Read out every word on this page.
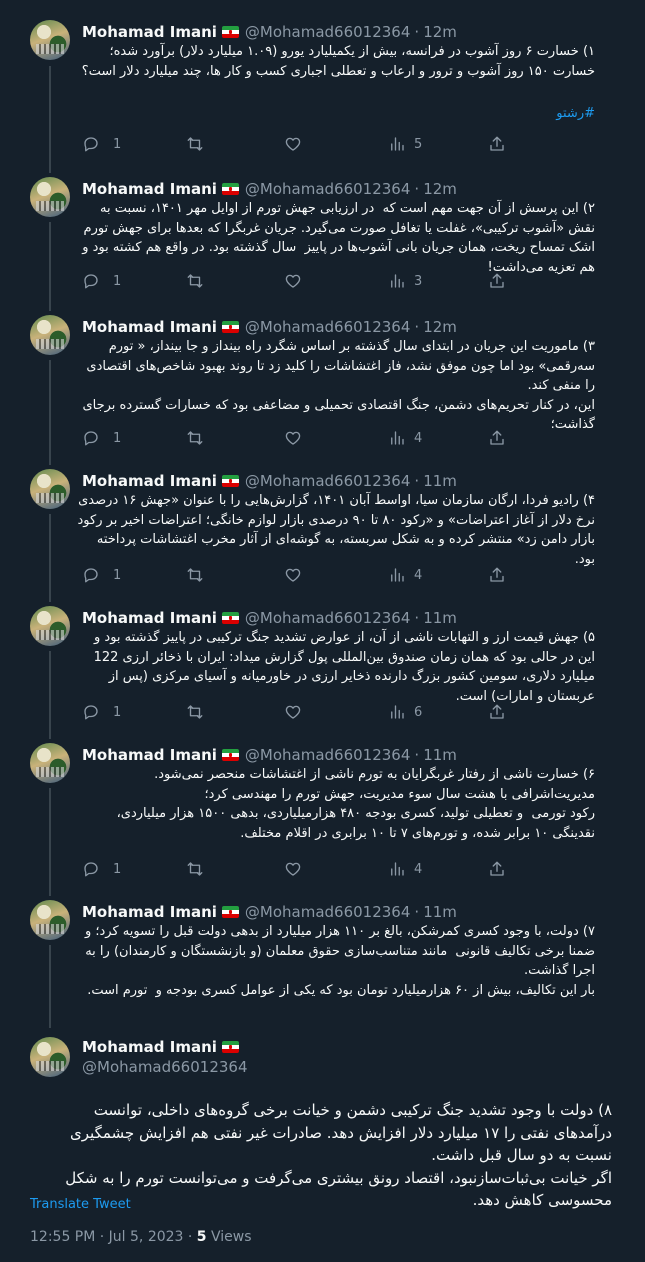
Mohamad Imani @Mohamad66012364 · 12m
۱) خسارت ۶ روز آشوب در فرانسه، بیش از یکمیلیارد یورو (۱.۰۹ میلیارد دلار) برآورد شده؛
خسارت ۱۵۰ روز آشوب و ترور و ارعاب و تعطلی اجباری کسب و کار ها، چند میلیارد دلار است؟
#رشتو
1	5
Mohamad Imani @Mohamad66012364 · 12m
۲) این پرسش از آن جهت مهم است که  در ارزیابی جهش تورم از اوایل مهر ۱۴۰۱، نسبت به نقش «آشوب ترکیبی»، غفلت یا تغافل صورت می‌گیرد. جریان غربگرا که بعدها برای جهش تورم اشک تمساح ریخت، همان جریان بانی آشوب‌ها در پاییز  سال گذشته بود. در واقع هم کشته بود و هم تعزیه می‌داشت!
1	3
Mohamad Imani @Mohamad66012364 · 12m
۳) ماموریت این جریان در ابتدای سال گذشته بر اساس شگرد راه بینداز و جا بینداز، « تورم سه‌رقمی» بود اما چون موفق نشد، فاز اغتشاشات را کلید زد تا روند بهبود شاخص‌های اقتصادی را منفی کند.
این، در کنار تحریم‌های دشمن، جنگ اقتصادی تحمیلی و مضاعفی بود که خسارات گسترده برجای گذاشت؛
1	4
Mohamad Imani @Mohamad66012364 · 11m
۴) رادیو فردا، ارگان سازمان سیا، اواسط آبان ۱۴۰۱، گزارش‌هایی را با عنوان «جهش ۱۶ درصدی نرخ دلار از آغاز اعتراضات» و «رکود ۸۰ تا ۹۰ درصدی بازار لوازم خانگی؛ اعتراضات اخیر بر رکود بازار دامن زد» منتشر کرده و به شکل سربسته، به گوشه‌ای از آثار مخرب اغتشاشات پرداخته بود.
1	4
Mohamad Imani @Mohamad66012364 · 11m
۵) جهش قیمت ارز و التهابات ناشی از آن، از عوارض تشدید جنگ ترکیبی در پاییز گذشته بود و این در حالی بود که همان زمان صندوق بین‌المللی پول گزارش میداد: ایران با ذخائر ارزی 122 میلیارد دلاری، سومین کشور بزرگ دارنده ذخایر ارزی در خاورمیانه و آسیای مرکزی (پس از عربستان و امارات) است.
1	6
Mohamad Imani @Mohamad66012364 · 11m
۶) خسارت ناشی از رفتار غربگرایان به تورم ناشی از اغتشاشات منحصر نمی‌شود. مدیریت‌اشرافی با هشت سال سوء مدیریت، جهش تورم را مهندسی کرد؛
رکود تورمی  و تعطیلی تولید، کسری بودجه ۴۸۰ هزارمیلیاردی، بدهی ۱۵۰۰ هزار میلیاردی، نقدینگی ۱۰ برابر شده، و تورم‌های ۷ تا ۱۰ برابری در اقلام مختلف.
1	4
Mohamad Imani @Mohamad66012364 · 11m
۷) دولت، با وجود کسری کمرشکن، بالغ بر ۱۱۰ هزار میلیارد از بدهی دولت قبل را تسویه کرد؛ و ضمنا برخی تکالیف قانونی  مانند متناسب‌سازی حقوق معلمان (و بازنشستگان و کارمندان) را به اجرا گذاشت.
بار این تکالیف، بیش از ۶۰ هزارمیلیارد تومان بود که یکی از عوامل کسری بودجه و  تورم است.
Mohamad Imani
@Mohamad66012364
۸) دولت با وجود تشدید جنگ ترکیبی دشمن و خیانت برخی گروه‌های داخلی، توانست درآمدهای نفتی را ۱۷ میلیارد دلار افزایش دهد. صادرات غیر نفتی هم افزایش چشمگیری نسبت به دو سال قبل داشت.
اگر خیانت بی‌ثبات‌سازنبود، اقتصاد رونق بیشتری می‌گرفت و می‌توانست تورم را به شکل محسوسی کاهش دهد.
Translate Tweet
12:55 PM · Jul 5, 2023 · 5 Views
